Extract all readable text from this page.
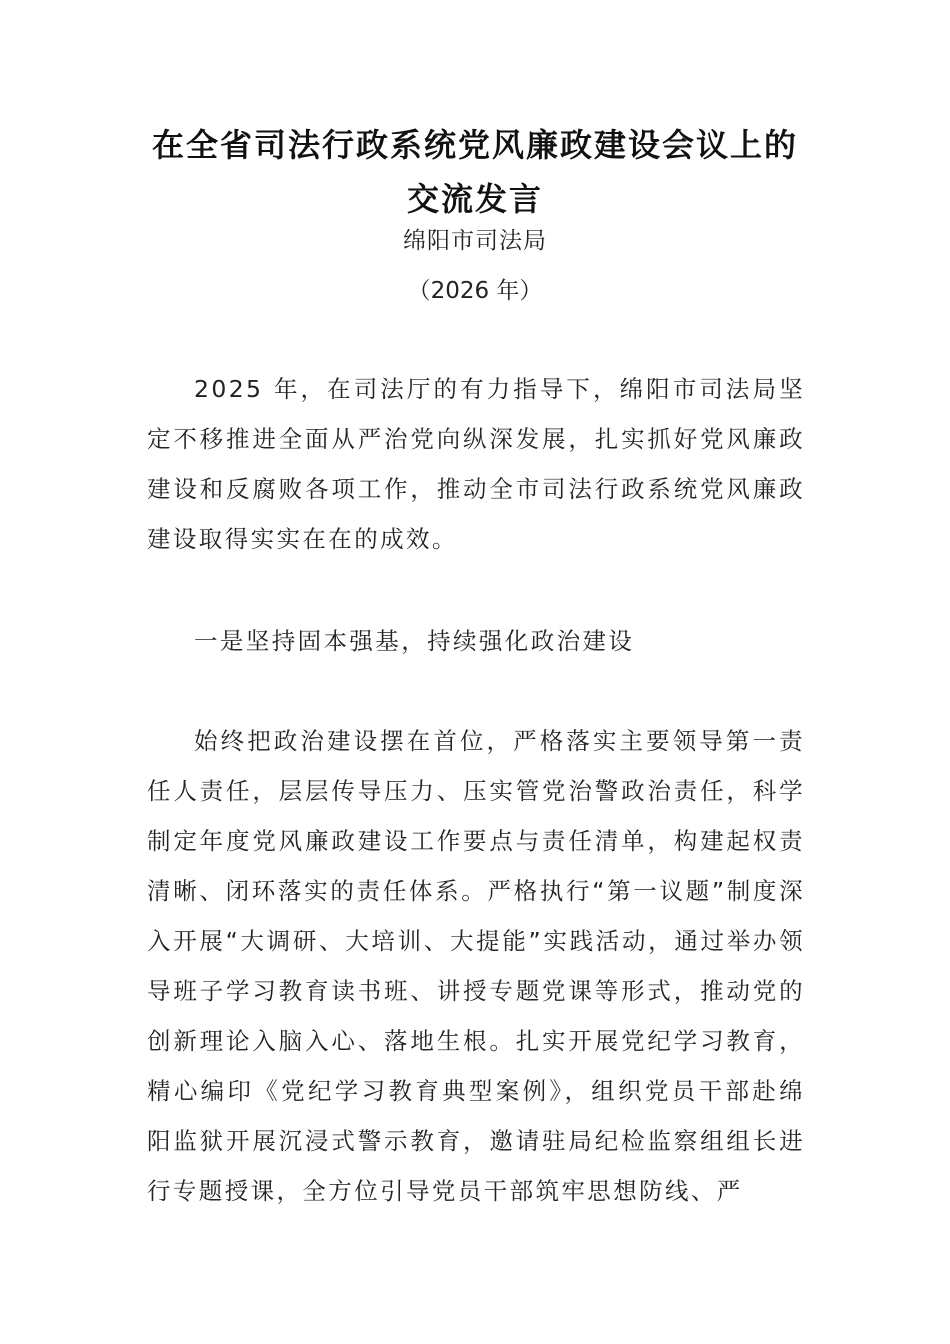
在全省司法行政系统党风廉政建设会议上的交流发言
绵阳市司法局
（2026 年）

2025 年，在司法厅的有力指导下，绵阳市司法局坚定不移推进全面从严治党向纵深发展，扎实抓好党风廉政建设和反腐败各项工作，推动全市司法行政系统党风廉政建设取得实实在在的成效。

一是坚持固本强基，持续强化政治建设

始终把政治建设摆在首位，严格落实主要领导第一责任人责任，层层传导压力、压实管党治警政治责任，科学制定年度党风廉政建设工作要点与责任清单，构建起权责清晰、闭环落实的责任体系。严格执行“第一议题”制度深入开展“大调研、大培训、大提能”实践活动，通过举办领导班子学习教育读书班、讲授专题党课等形式，推动党的创新理论入脑入心、落地生根。扎实开展党纪学习教育，精心编印《党纪学习教育典型案例》，组织党员干部赴绵阳监狱开展沉浸式警示教育，邀请驻局纪检监察组组长进行专题授课，全方位引导党员干部筑牢思想防线、严
